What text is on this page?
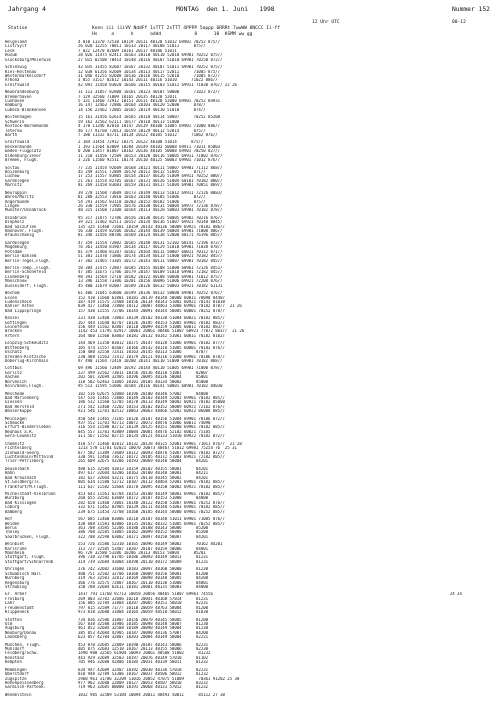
Jahrgang 4	MONTAG  den 1. Juni   1998	Nummer 152

12 Uhr UTC

	00-12

Station

	Kenn iii iiiVV NddFf 1sTTT 2sTTT 4PPPP 5appp 6RRRt 7wwWW 8NCCC Ii-ff

Hs     a      h      oddd            8      10  KSMM ww gg

Helgoland	4 010 11370 72510 10119 20111 40120 51012 69901 70252 875//
List/Sylt	26 020 12255 70811 10133 20117 40108 51011      875//
Leck	7 022 12470 82609 10161 20117 40106 51011
Husum	28 026 11475 82411 10163 20110 40110 52010 69901 70252 875//
Glücksburg/Meierwik	27 015 82500 70414 10148 20116 40107 51010 69901 70250 872//
Schleswig	43 035 11455 82607 10167 20132 40107 51011 69901 70252 875//
Kiel-Holtenau	12 038 61356 82609 10134 20113 40117 52011      71005 875//
Westermarkelsdorf	31 046 41255 82608 10136 20116 40115 52010      71005 872//
Arkona	3 055 3151/ 82612 10143 20111 40116 51010      71022 886//
Greifswald	42 091 11458 83020 10166 20115 40103 51012 69911 71030 876// 22 26
Neubrandenburg	11 113 31057 82808 10161 20123 40107 50000      71022 872//
Bremerhaven	7 129 32560 71009 10165 20135 40120 52011
Cuxhaven	5 131 11460 72912 10151 20111 40120 52000 69901 70252 84931
Hamburg	16 147 12463 72806 10164 20103 40120 52000      878//
Lübeck-Blankensee	14 156 22462 72805 10165 20119 40110 51010      874//
Boltenhagen	15 161 31456 62614 10165 20118 40114 50007      70252 85200
Schwerin	59 162 32562 62111 10177 20118 40113 51008
Rostock-Warnemünde	4 170 11346 82810 10147 20119 40108 51005 69901 71000 886//
Teterow	46 177 91/60 72813 10159 20129 40112 52014      875//
Barth	7 180 11332 83711 10134 20122 40105 51012      71062 876//
Greifswald	2 184 31454 72912 10175 20122 40108 51014      875//
Ueckermünde	1 193 11564 63009 10204 20149 40103 50008 69911 71011 85003
Emden-Flugplatz	0 200 11457 81007 10162 20136 40105 50008 69901 70250 827//
Oldenburg/Jever	11 210 11456 72509 10153 20128 40116 50005 69911 71002 876//
Bremen, Flugh.	3 226 11560 92511 10174 20110 40125 50003 69901 71012 876//
Soltau	77 235 11454 92609 10168 20121 40111 50007 69901 71112 868//
Boizenburg	45 249 32551 72809 10170 20112 40112 51005      871//
Lüchow	17 253 11557 83805 10154 20137 40126 51009 69911 70252 880//
Gardelegen	21 261 11554 82705 10167 20131 40126 51004 60101 70182 880//
Marnitz	81 269 11458 83603 10159 20131 40117 51004 69901 70051 869//
Neuruppin	39 270 11560 73609 10173 20149 40113 51012 69911 72126 8083/
Waren/Müritz	81 280 32553 73810 10163 20140 40105 51006      872//
Angermünde	54 291 31562 83110 10203 20152 40102 51006      875//
Lingen	26 330 11559 71905 10176 20138 40131 50004 69972 72136 878//
Münster/Osnabrück	48 315 11560 72308 10164 20113 40128 50003 69901 70182 878//
Osnabrück	95 317 11875 72706 10156 20138 40135 50005 69902 70216 876//
Diepholz	39 321 11462 82511 10152 20134 40136 51007 69921 70140 8045/
Bad Salzuflen	135 325 11460 72601 10159 20143 40136 50009 69921 70182 886//
Hannover, Flugh.	56 338 11459 82506 10162 20144 40139 50004 69901 71000 886//
Braunschweig	81 348 11456 80706 10169 20124 40138 52000 60171 76196 885//
Gardelegen	47 359 11554 72802 10165 20148 40131 52102 60141 72196 872//
Magdeburg	76 361 11450 81907 10134 20117 40129 51010 69901 71038 878//
Potsdam	81 379 11460 81207 10162 20164 40111 50007 60011 70112 871//
Berlin-Dahlem	51 381 11470 71806 10174 20134 40113 51000 60921 70182 845//
Berlin-Tegel,Flugh.	37 382 11465 73305 10172 20143 40111 50007 69901 70182 845//
Berlin-Temp.,Flugh.	50 384 11475 72807 10185 20155 40108 51000 60961 72126 8451/
Berlin-Schönefeld	47 385 11675 71706 10179 20147 40109 51010 69901 72182 845//
Lindenberg	98 393 11564 72710 10182 20122 40108 50000 69901 71012 875//
Manschnow	13 396 11558 73306 10201 20156 40096 51006 69921 72208 876//
Düsseldorf, Flugh.	45 400 11679 82007 10189 20126 40132 50003 69921 70182 61131
Bochum	61 406 11645 63600 10199 20136 40132 50000 69901 70252 876//
Essen	152 410 11660 62801 10181 20119 40148 50000 60011 78090 8440/
Lüdenscheid	387 419 11575 72408 10156 20134 40143 51002 60921 70141 81030
Kahler Asten	839 427 11460 72808 10112 20087 48463 51008 69901 70182 878//  21 26
Bad Lippspringe	157 430 11555 72706 10144 20091 40144 50005 60001 70252 878//
Kassel	231 438 11460 73003 10139 20102 40138 51004 60021 70182 885//
Göttingen	167 444 11640 82707 10126 20105 40153 51005 69901 70182 883//
Leinefelde	356 449 11562 82807 10110 20099 40159 51006 60011 70182 883//
Brocken	1142 453 11/95 82917 10061 20061 48466 51007 60921 77072 883//  21 26
Artern	164 460 11560 83003 10181 20132 40142 51001 60011 70182 8102/
Leipzig-Schkeuditz	144 469 11350 83012 10175 20147 40128 51006 69901 70182 877//
Wittenberg	105 474 11557 82607 10166 20142 40118 51005 60001 70182 876//
Oschatz	150 480 32558 72411 10163 20145 40113 51006      878//
Dresden-Klotzsche	230 488 11563 72412 10179 20121 40116 51000 69901 70186 878//
Doberlug-Kirchhain	97 490 11564 72410 10200 20141 40110 51008 69901 70182 868//
Cottbus	69 496 11560 72409 10192 20144 40110 51005 69901 71000 878//
Görlitz	237 499 32562 73011 10156 20136 40118 51001      8200/
Aachen	202 501 32694 32405 10196 20095 40136 50004      85001
Nörvenich	118 502 62463 51005 10101 20105 40134 50002      85000
Köln/Bonn,Flugh.	95 513 11595 51606 10184 20116 40141 50001 60901 70182 84030
Meschede	182 516 62675 52008 10196 20100 40146 57002      84000
Bad Marienberg	547 526 11465 72806 10149 20103 40149 52002 69901 70182 885//
Giessen	186 532 11560 52705 10178 20113 40149 50002 60921 70182 85000
Bad Hersfeld	271 542 11460 72202 10153 20102 40152 50009 60921 72162 876//
Wasserkuppe	921 546 11/01 82512 10063 20063 48466 52002 60922 86008 885//
Meiningen	450 548 11465 73105 10120 20107 40156 51004 69901 70186 872//
Schmücke	937 552 11/01 92713 10072 20072 48476 51006 60011 74090
Erfurt-Bindersleben	316 554 11580 82712 10139 20125 40151 50000 69901 70182 885//
Neuhaus a.R.	845 557 11/01 92809 10084 20081 48476 52102 60021 75185
Gera-Leumnitz	311 567 11562 82715 10134 20121 40133 51010 69922 70182 872//
Chemnitz	418 577 11466 82812 10132 20128 40125 52001 69901 71011 876//  21 28
Fichtelberg	1213 578 11/01 62021 10070 20073 48467 51012 69901 75254 76  25 31
Zinnwald-Georg.	877 582 11389 73609 10112 20093 48476 51007 69901 70182 872//
Lüchtenhain/Mittelnd	330 591 11460 73612 10172 20105 40112 51003 69921 72182 885//
Trier-Petrisberg	265 609 32675 43206 10193 20069 40140 58004      84201
Deuselbach	480 615 32584 43013 10159 20102 40155 58001      84201
Hahn	497 617 32684 43206 10163 20100 40148 58001      84211
Bad Kreuznach	182 627 32664 43211 10175 20118 40145 58002      84201
St.Goldberg/Ts.	805 634 11580 52712 10107 20112 48464 52001 69901 70182 885//
Frankfurt/M.Flugh.	111 637 11582 52604 10178 20095 40150 50002 69921 70182 885//
Michelstadt-Vielbrunn	453 643 11561 62704 10153 20100 40149 50001 69901 70182 885//
Würzburg	268 655 32582 63609 10172 20107 40153 51000      84800
Bad Kissingen	282 658 11460 73001 10148 20122 40150 51007 69901 70252 876//
Coburg	332 671 11462 82905 10139 20111 40148 51003 69901 70182 885//
Bamberg	239 675 11454 72708 10160 20105 40144 50000 69901 70252 885//
Hof	567 685 11460 83006 10118 20107 40148 51011 69901 71005 876//
Weiden	438 688 11581 82806 10135 20102 40132 51005 69901 70252 885//
Berus	363 708 33585 52206 10180 20108 40143 58006      85200
Tholey	386 708 32585 53005 10162 20099 40152 58008      85200
Saarbrücken, Flugh.	322 708 32590 63002 10171 20097 40150 58007      84201
Weinbiet	553 726 31586 52310 10165 20096 40149 58002      70162 84201
Karlsruhe	112 727 32585 53407 10207 20107 40159 58006      84801
Mannheim	96 729 32580 53206 10206 20113 40153 58004      85201
Stuttgart, Flugh.	396 738 32798 61705 10186 20093 40149 58011      81231
Stuttgart/Schnarrenb	314 739 32684 43004 10190 20110 40172 58009      81231
Öhringen	276 742 32682 31600 10183 20097 40160 58000      81230
Schwäbisch Hall	400 751 32582 32706 10168 20089 40156 58001      81200
Nürnberg	319 763 32581 32812 10169 20098 40148 58005      84208
Regensburg	366 776 32575 72807 10167 20110 40138 51008      84801
Straubing	350 788 32684 62611 10181 20081 40135 58003      84800
Gr. Arber	1437 791 11/60 92713 10058 20056 48465 51007 69961 74556	24 34
Freiburg	269 803 32782 32606 10218 20041 40168 57014      81231
Lahr	156 805 32784 31804 10207 20065 40151 58010      82231
Freudenstadt	797 815 32589 71/// 10110 20059 48763 58004      81200
Klippeneck	973 818 32680 31804 10164 20059 48510 58012      81830
Stötten	734 836 32586 31807 10156 20079 40145 58005      81200
Ulm	567 838 32588 31906 10185 20098 40148 58007      81230
Augsburg	461 852 32684 32508 10189 20090 40149 58004      81230
Neuburg/Donau	385 853 42684 42905 10187 20090 40136 57007      84200
Landsberg	623 857 42784 32807 10203 20084 40149 58004      82231
München, Flugh.	453 870 32685 22809 10190 20107 40143 58006      82231
Mühldorf	405 875 32683 12510 10167 20113 40155 58006      82230
Feldberg/Schw.	1490 908 32565 61904 10093 20061 48508 51002      81232
Konstanz	443 929 32689 32503 10197 20076 40149 57010      81102
Kempten	705 946 32688 42806 10184 20031 40139 58011      81232
Memmingen	634 947 42689 32407 10192 20030 40136 57010      82231
Oberstdorf	810 948 32789 53306 10167 20037 48506 50012      81232
Zugspitze	2960 961 31/86 32209 11016 20052 47075 51009      70361 91202 25 30
Hohenpeissenberg	977 962 32680 22809 10127 20053 48507 58010      83232
Garmisch-Partenk.	719 963 32685 00000 10191 20068 40131 57012      81232
Wendelstein	1832 985 32589 53104 10094 20011 48493 50011      85112 27 30
